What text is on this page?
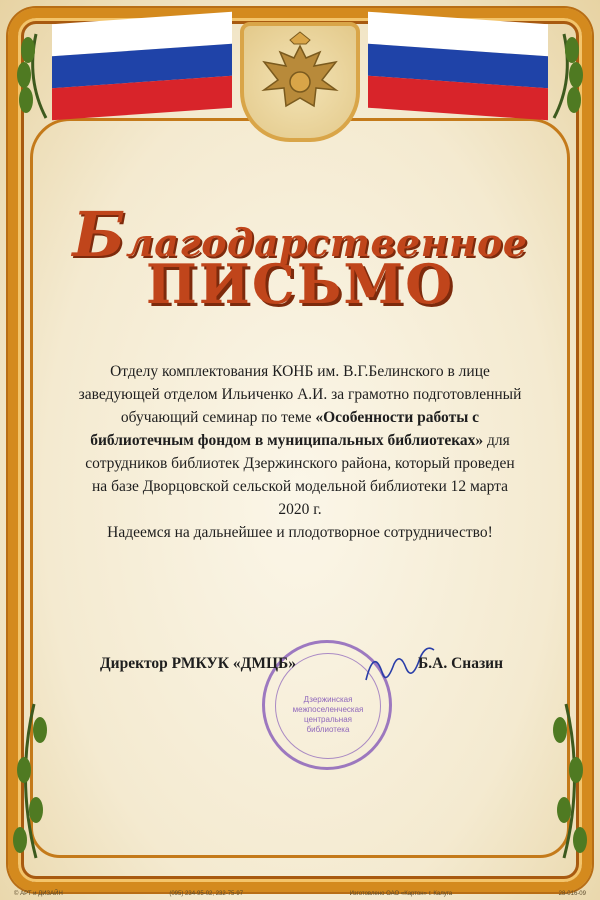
Благодарственное
ПИСЬМО
Отделу комплектования КОНБ им. В.Г.Белинского в лице заведующей отделом Ильиченко А.И. за грамотно подготовленный обучающий семинар по теме «Особенности работы с библиотечным фондом в муниципальных библиотеках» для сотрудников библиотек Дзержинского района, который проведен на базе Дворцовской сельской модельной библиотеки 12 марта 2020 г.
Надеемся на дальнейшее и плодотворное сотрудничество!
Дзержинская
межпоселенческая
центральная
библиотека
Директор РМКУК «ДМЦБ»	Б.А. Сназин
© АРТ и ДИЗАЙН	(095) 234-95-02, 232-75-97	Изготовлено ОАО «Картон» г. Калуга	28-016-09
